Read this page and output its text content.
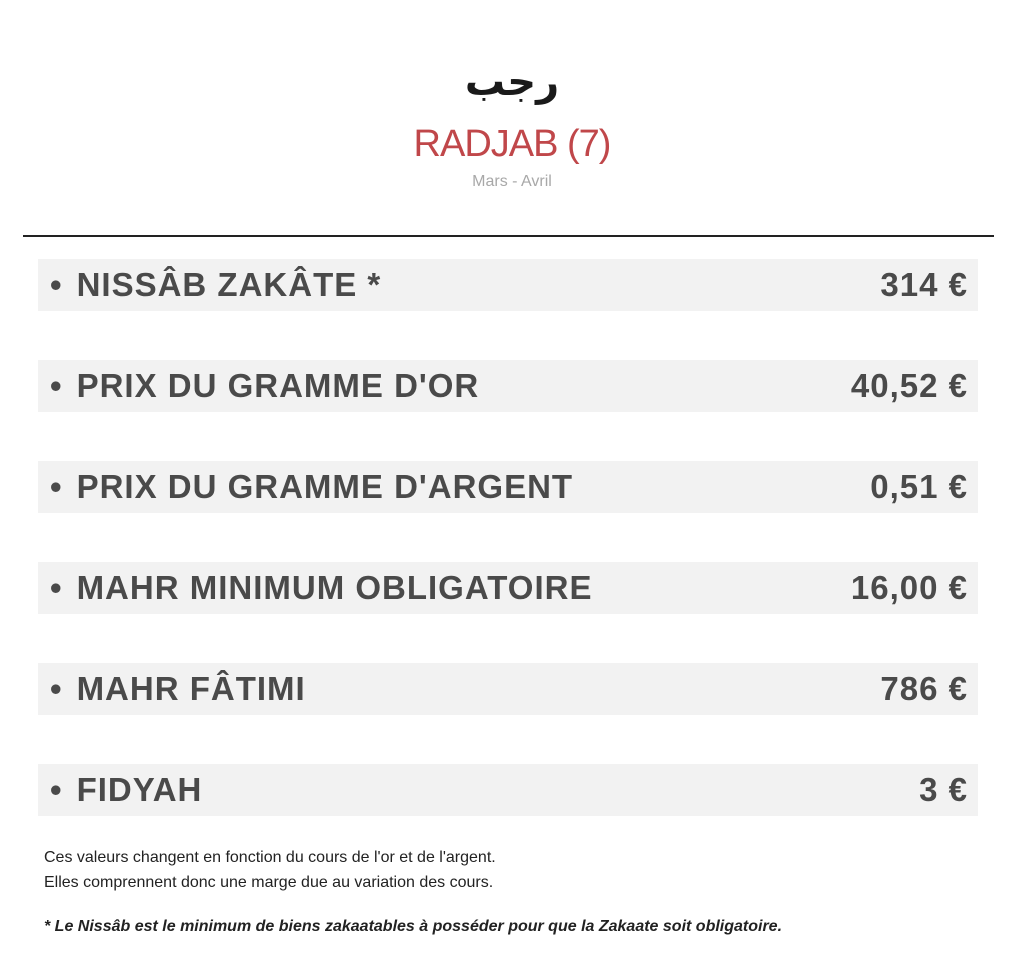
رجب
RADJAB (7)
Mars - Avril
• NISSÂB ZAKÂTE *	314 €
• PRIX DU GRAMME D'OR	40,52 €
• PRIX DU GRAMME D'ARGENT	0,51 €
• MAHR MINIMUM OBLIGATOIRE	16,00 €
• MAHR FÂTIMI	786 €
• FIDYAH	3 €
Ces valeurs changent en fonction du cours de l'or et de l'argent.
Elles comprennent donc une marge due au variation des cours.
* Le Nissâb est le minimum de biens zakaatables à posséder pour que la Zakaate soit obligatoire.
